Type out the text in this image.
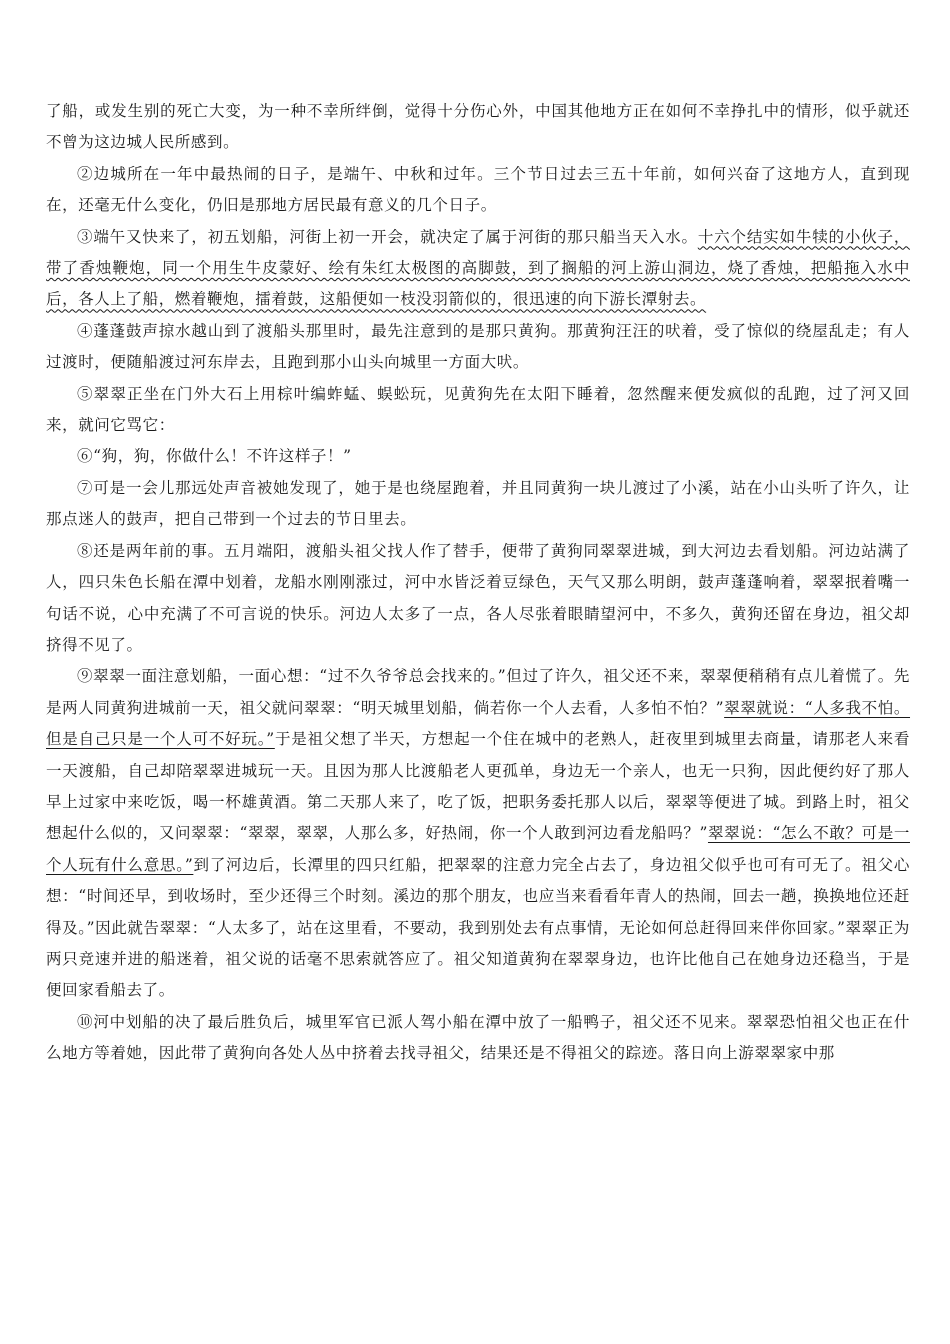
了船，或发生别的死亡大变，为一种不幸所绊倒，觉得十分伤心外，中国其他地方正在如何不幸挣扎中的情形，似乎就还不曾为这边城人民所感到。

②边城所在一年中最热闹的日子，是端午、中秋和过年。三个节日过去三五十年前，如何兴奋了这地方人，直到现在，还毫无什么变化，仍旧是那地方居民最有意义的几个日子。

③端午又快来了，初五划船，河街上初一开会，就决定了属于河街的那只船当天入水。十六个结实如牛犊的小伙子，带了香烛鞭炮，同一个用生牛皮蒙好、绘有朱红太极图的高脚鼓，到了搁船的河上游山洞边，烧了香烛，把船拖入水中后，各人上了船，燃着鞭炮，擂着鼓，这船便如一枝没羽箭似的，很迅速的向下游长潭射去。

④蓬蓬鼓声掠水越山到了渡船头那里时，最先注意到的是那只黄狗。那黄狗汪汪的吠着，受了惊似的绕屋乱走；有人过渡时，便随船渡过河东岸去，且跑到那小山头向城里一方面大吠。

⑤翠翠正坐在门外大石上用棕叶编蚱蜢、蜈蚣玩，见黄狗先在太阳下睡着，忽然醒来便发疯似的乱跑，过了河又回来，就问它骂它：

⑥“狗，狗，你做什么！不许这样子！”

⑦可是一会儿那远处声音被她发现了，她于是也绕屋跑着，并且同黄狗一块儿渡过了小溪，站在小山头听了许久，让那点迷人的鼓声，把自己带到一个过去的节日里去。

⑧还是两年前的事。五月端阳，渡船头祖父找人作了替手，便带了黄狗同翠翠进城，到大河边去看划船。河边站满了人，四只朱色长船在潭中划着，龙船水刚刚涨过，河中水皆泛着豆绿色，天气又那么明朗，鼓声蓬蓬响着，翠翠抿着嘴一句话不说，心中充满了不可言说的快乐。河边人太多了一点，各人尽张着眼睛望河中，不多久，黄狗还留在身边，祖父却挤得不见了。

⑨翠翠一面注意划船，一面心想：“过不久爷爷总会找来的。”但过了许久，祖父还不来，翠翠便稍稍有点儿着慌了。先是两人同黄狗进城前一天，祖父就问翠翠：“明天城里划船，倘若你一个人去看，人多怕不怕？”翠翠就说：“人多我不怕。但是自己只是一个人可不好玩。”于是祖父想了半天，方想起一个住在城中的老熟人，赶夜里到城里去商量，请那老人来看一天渡船，自己却陪翠翠进城玩一天。且因为那人比渡船老人更孤单，身边无一个亲人，也无一只狗，因此便约好了那人早上过家中来吃饭，喝一杯雄黄酒。第二天那人来了，吃了饭，把职务委托那人以后，翠翠等便进了城。到路上时，祖父想起什么似的，又问翠翠：“翠翠，翠翠，人那么多，好热闹，你一个人敢到河边看龙船吗？”翠翠说：“怎么不敢？可是一个人玩有什么意思。”到了河边后，长潭里的四只红船，把翠翠的注意力完全占去了，身边祖父似乎也可有可无了。祖父心想：“时间还早，到收场时，至少还得三个时刻。溪边的那个朋友，也应当来看看年青人的热闹，回去一趟，换换地位还赶得及。”因此就告翠翠：“人太多了，站在这里看，不要动，我到别处去有点事情，无论如何总赶得回来伴你回家。”翠翠正为两只竞速并进的船迷着，祖父说的话毫不思索就答应了。祖父知道黄狗在翠翠身边，也许比他自己在她身边还稳当，于是便回家看船去了。

⑩河中划船的决了最后胜负后，城里军官已派人驾小船在潭中放了一船鸭子，祖父还不见来。翠翠恐怕祖父也正在什么地方等着她，因此带了黄狗向各处人丛中挤着去找寻祖父，结果还是不得祖父的踪迹。落日向上游翠翠家中那
